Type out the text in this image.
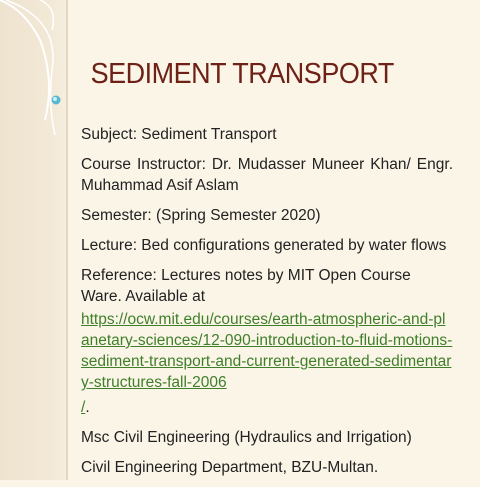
SEDIMENT TRANSPORT
Subject: Sediment Transport
Course Instructor: Dr. Mudasser Muneer Khan/ Engr. Muhammad Asif Aslam
Semester: (Spring Semester 2020)
Lecture: Bed configurations generated by water flows
Reference: Lectures notes by MIT Open Course Ware. Available at
https://ocw.mit.edu/courses/earth-atmospheric-and-planetary-sciences/12-090-introduction-to-fluid-motions-sediment-transport-and-current-generated-sedimentary-structures-fall-2006
/.
Msc Civil Engineering (Hydraulics and Irrigation)
Civil Engineering Department, BZU-Multan.
